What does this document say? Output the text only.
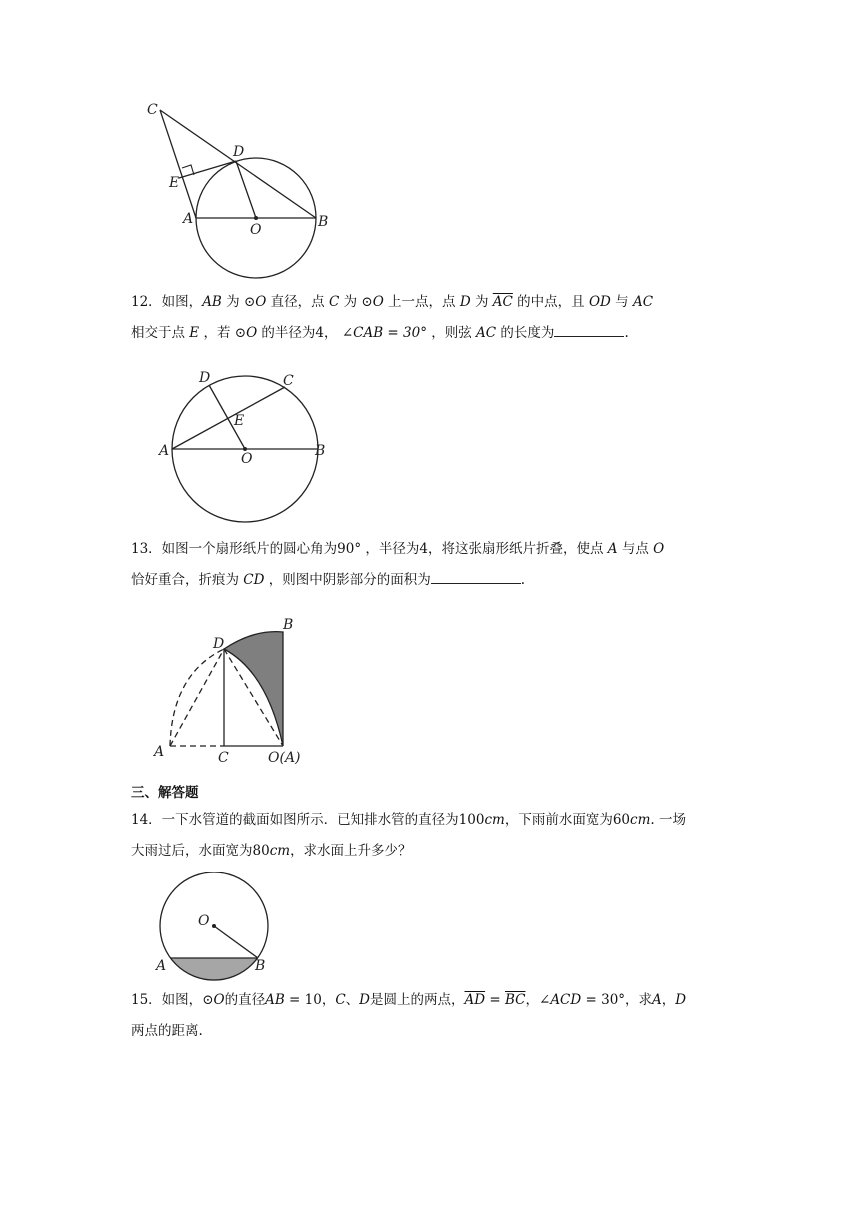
C
D
E
A
O	B

12．如图，AB 为 ⊙O 直径，点 C 为 ⊙O 上一点，点 D 为 $\overline{AC}$ 的中点，且 OD 与 AC
相交于点 E ，若 ⊙O 的半径为4， ∠CAB = 30° ，则弦 AC 的长度为	.

D	C
E
A	O	B

13．如图一个扇形纸片的圆心角为90° ，半径为4，将这张扇形纸片折叠，使点 A 与点 O
恰好重合，折痕为 CD ，则图中阴影部分的面积为	.

D
B
A	C	O(A)

三、解答题

14．一下水管道的截面如图所示．已知排水管的直径为100cm，下雨前水面宽为60cm. 一场
大雨过后，水面宽为80cm，求水面上升多少？

O
A	B

15．如图，⊙O的直径AB = 10，C、D是圆上的两点，$\overline{AD} = \overline{BC}$，∠ACD = 30°，求A，D
两点的距离.
